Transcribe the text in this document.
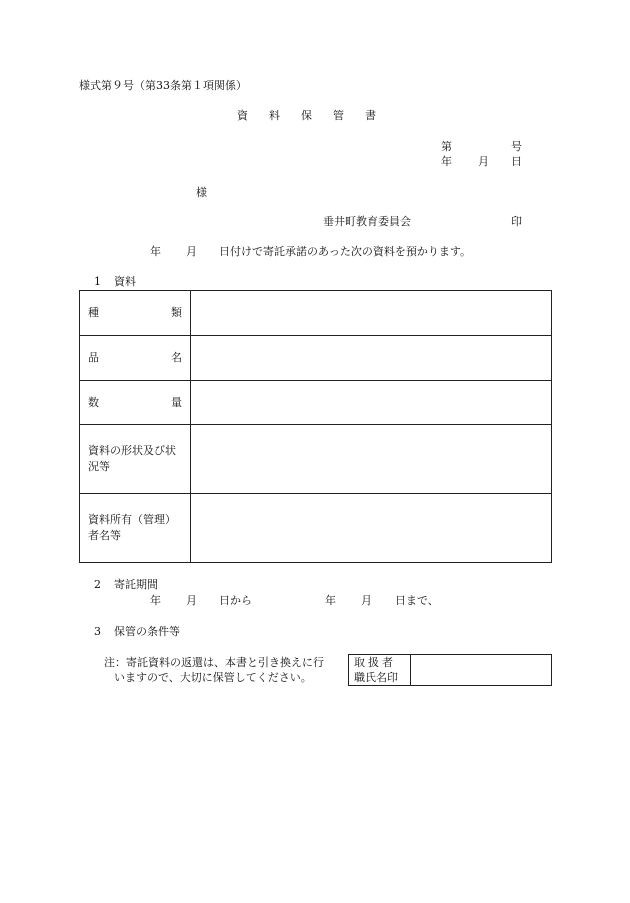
様式第９号（第33条第１項関係）
資料保管書
第	号
年 月 日
様
垂井町教育委員会	印
年 月 日付けで寄託承諾のあった次の資料を預かります。
1 資料
種 類	

品 名	

数 量	

資料の形状及び状況等	
資料所有（管理）者名等	
2 寄託期間
年 月 日から	年 月 日まで、
3 保管の条件等
注：寄託資料の返還は、本書と引き換えに行
いますので、大切に保管してください。
取扱者
職氏名印
